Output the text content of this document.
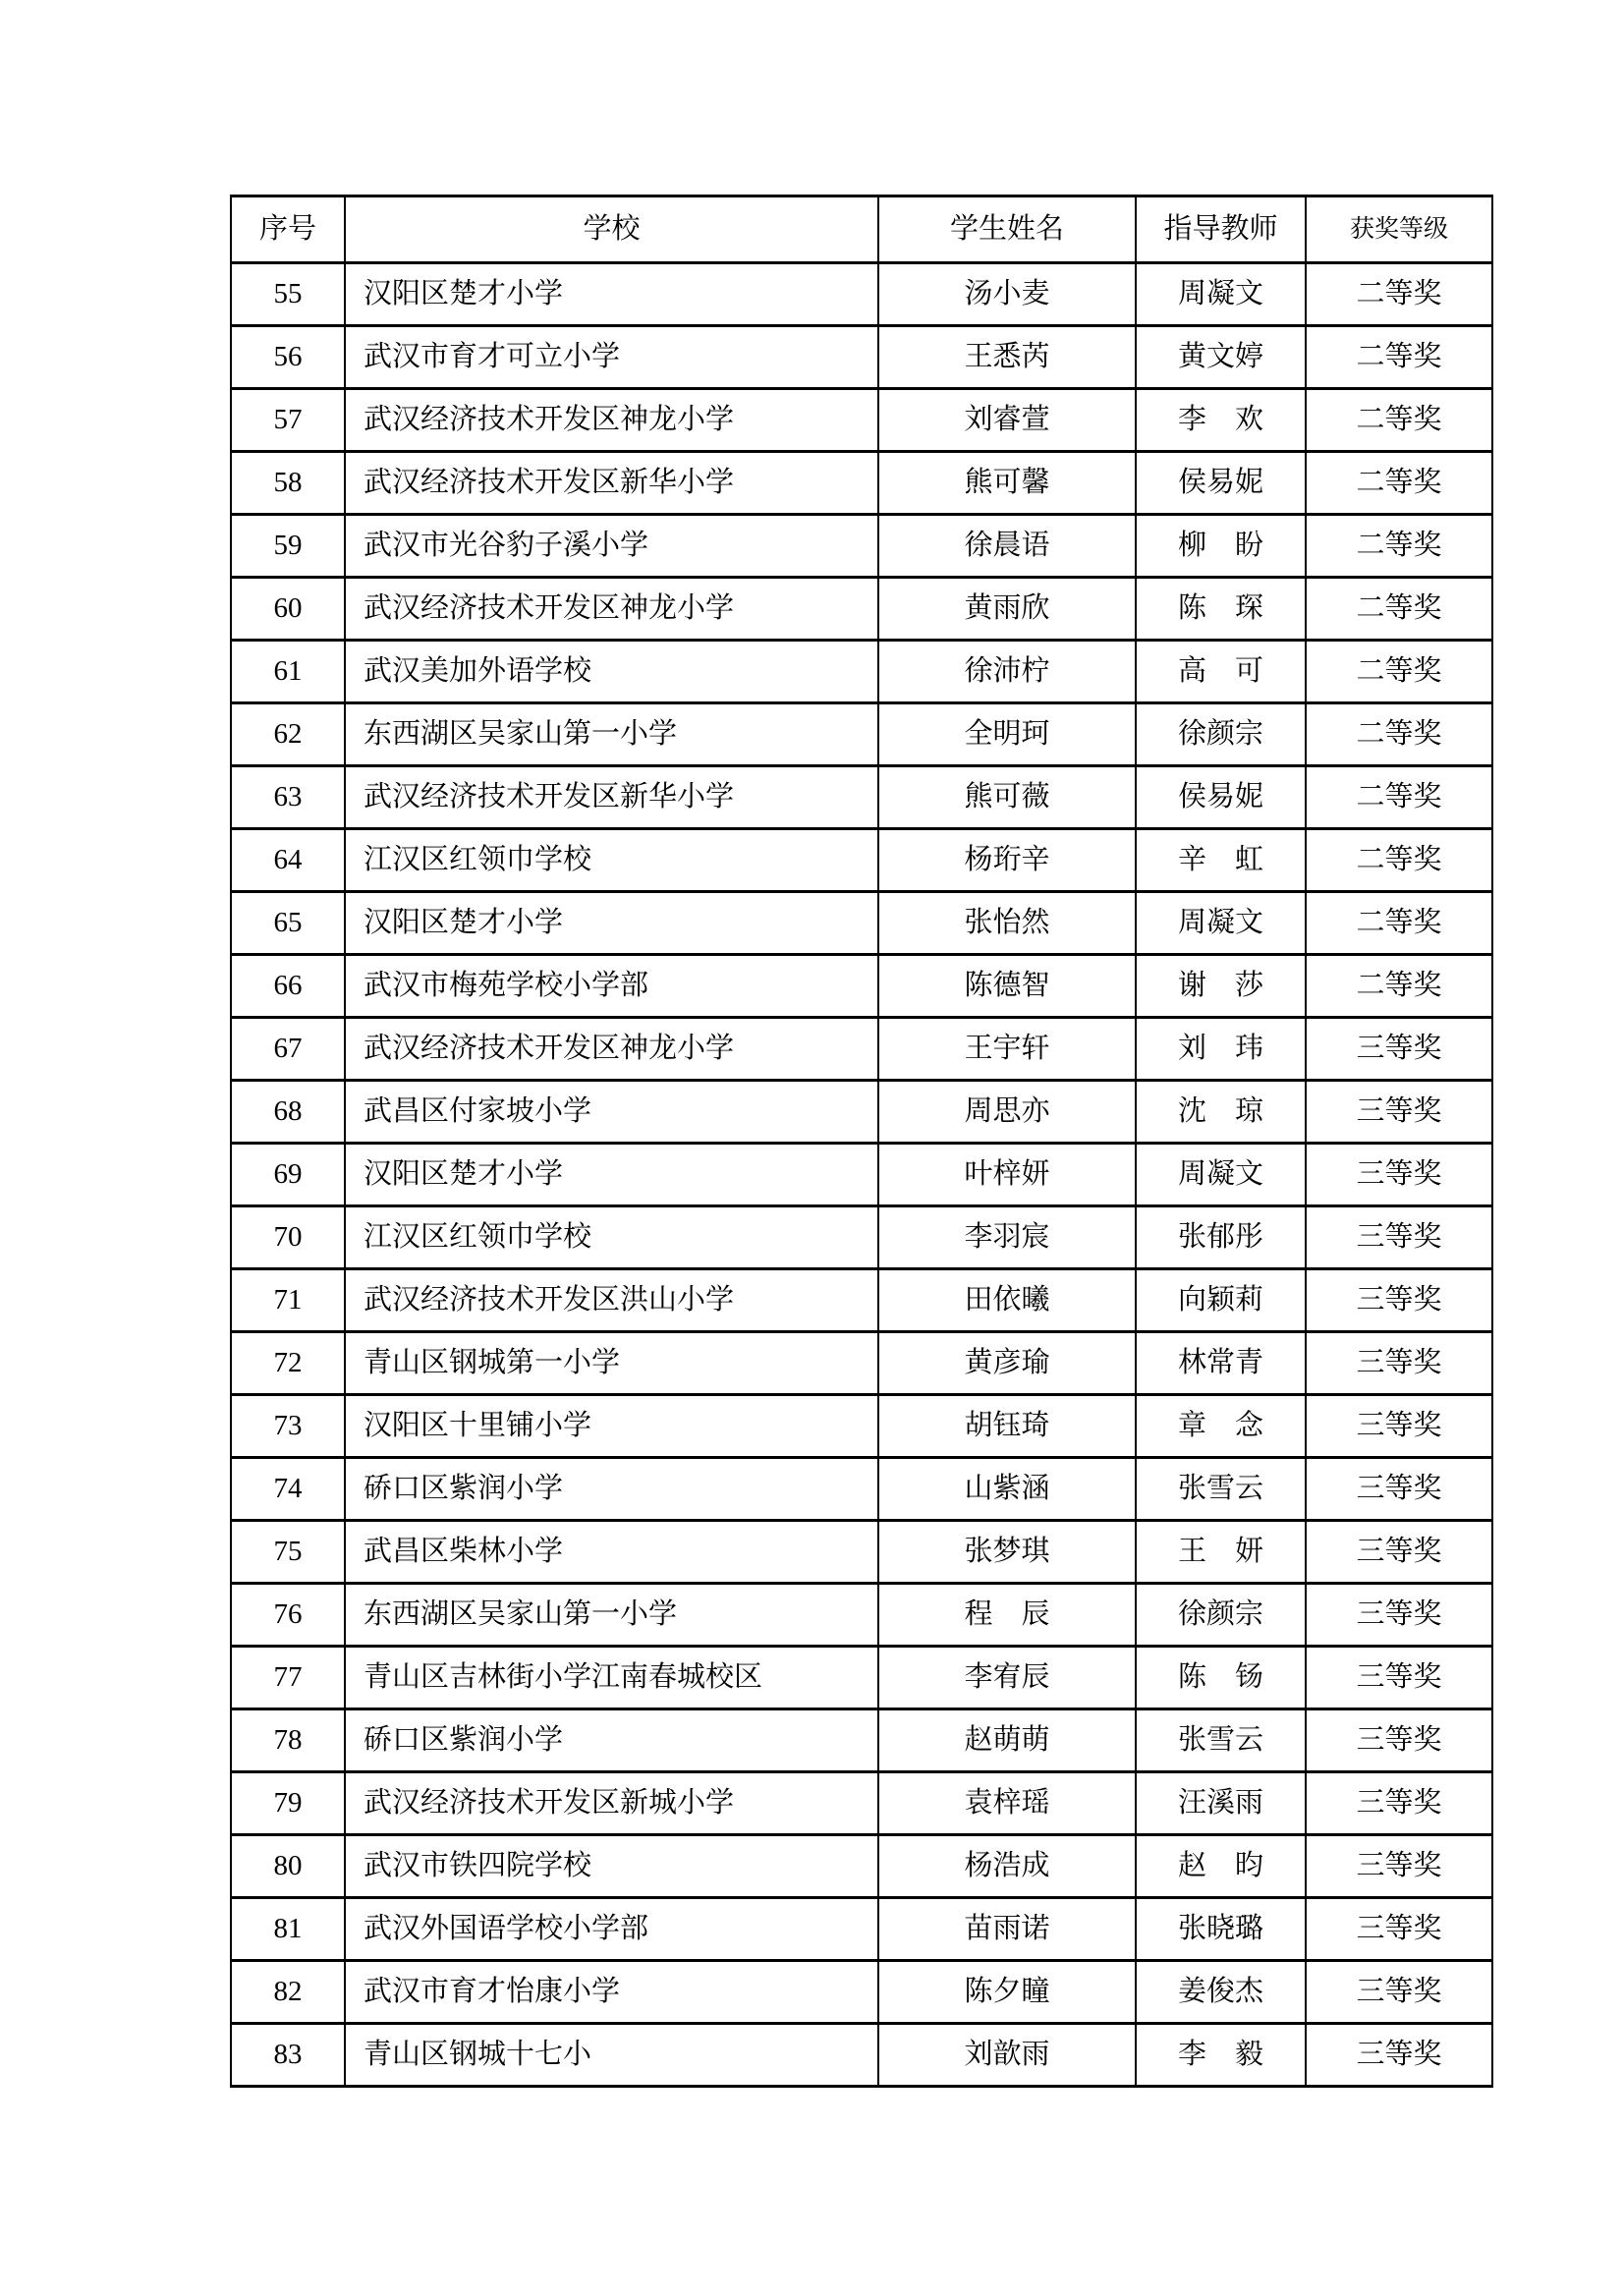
序号	学校	学生姓名	指导教师	获奖等级
55	汉阳区楚才小学	汤小麦	周凝文	二等奖
56	武汉市育才可立小学	王悉芮	黄文婷	二等奖
57	武汉经济技术开发区神龙小学	刘睿萱	李　欢	二等奖
58	武汉经济技术开发区新华小学	熊可馨	侯易妮	二等奖
59	武汉市光谷豹子溪小学	徐晨语	柳　盼	二等奖
60	武汉经济技术开发区神龙小学	黄雨欣	陈　琛	二等奖
61	武汉美加外语学校	徐沛柠	高　可	二等奖
62	东西湖区吴家山第一小学	全明珂	徐颜宗	二等奖
63	武汉经济技术开发区新华小学	熊可薇	侯易妮	二等奖
64	江汉区红领巾学校	杨珩辛	辛　虹	二等奖
65	汉阳区楚才小学	张怡然	周凝文	二等奖
66	武汉市梅苑学校小学部	陈德智	谢　莎	二等奖
67	武汉经济技术开发区神龙小学	王宇轩	刘　玮	三等奖
68	武昌区付家坡小学	周思亦	沈　琼	三等奖
69	汉阳区楚才小学	叶梓妍	周凝文	三等奖
70	江汉区红领巾学校	李羽宸	张郁彤	三等奖
71	武汉经济技术开发区洪山小学	田依曦	向颖莉	三等奖
72	青山区钢城第一小学	黄彦瑜	林常青	三等奖
73	汉阳区十里铺小学	胡钰琦	章　念	三等奖
74	硚口区紫润小学	山紫涵	张雪云	三等奖
75	武昌区柴林小学	张梦琪	王　妍	三等奖
76	东西湖区吴家山第一小学	程　辰	徐颜宗	三等奖
77	青山区吉林街小学江南春城校区	李宥辰	陈　钖	三等奖
78	硚口区紫润小学	赵萌萌	张雪云	三等奖
79	武汉经济技术开发区新城小学	袁梓瑶	汪溪雨	三等奖
80	武汉市铁四院学校	杨浩成	赵　昀	三等奖
81	武汉外国语学校小学部	苗雨诺	张晓璐	三等奖
82	武汉市育才怡康小学	陈夕瞳	姜俊杰	三等奖
83	青山区钢城十七小	刘歆雨	李　毅	三等奖
